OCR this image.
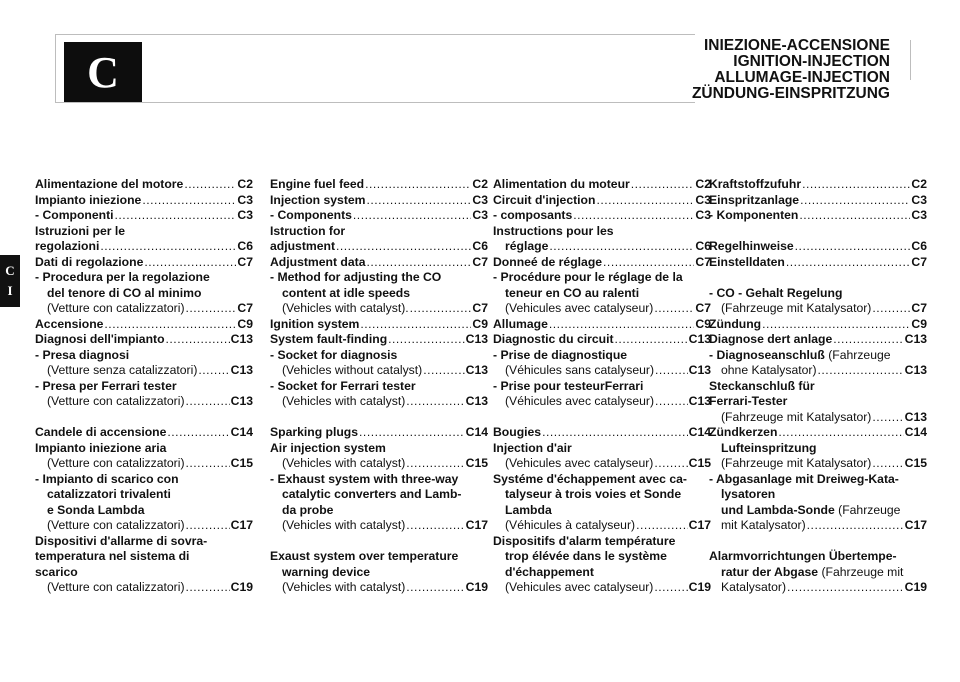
C
INIEZIONE-ACCENSIONE
IGNITION-INJECTION
ALLUMAGE-INJECTION
ZÜNDUNG-EINSPRITZUNG
C
I
Alimentazione del motore .....	C2
Impianto iniezione .....	C3
- Componenti .....	C3
Istruzioni per le
regolazioni .....	C6
Dati di regolazione .....	C7
- Procedura per la regolazione
del tenore di CO al minimo
(Vetture con catalizzatori) .....	C7
Accensione .....	C9
Diagnosi dell'impianto .....	C13
- Presa diagnosi
(Vetture senza catalizzatori) .....	C13
- Presa per Ferrari tester
(Vetture con catalizzatori) .....	C13
Candele di accensione .....	C14
Impianto iniezione aria
(Vetture con catalizzatori) .....	C15
- Impianto di scarico con
catalizzatori trivalenti
e Sonda Lambda
(Vetture con catalizzatori) .....	C17
Dispositivi d'allarme di sovra-
temperatura nel sistema di
scarico
(Vetture con catalizzatori) .....	C19
Engine fuel feed .....	C2
Injection system .....	C3
- Components .....	C3
Istruction for
adjustment .....	C6
Adjustment data .....	C7
- Method for adjusting the CO
content at idle speeds
(Vehicles with catalyst). .....	C7
Ignition system .....	C9
System fault-finding .....	C13
- Socket for diagnosis
(Vehicles without catalyst) .....	C13
- Socket for Ferrari tester
(Vehicles with catalyst) .....	C13
Sparking plugs .....	C14
Air injection system
(Vehicles with catalyst) .....	C15
- Exhaust system with three-way
catalytic converters and Lamb-
da probe
(Vehicles with catalyst) .....	C17
Exaust system over temperature
warning device
(Vehicles with catalyst) .....	C19
Alimentation du moteur .....	C2
Circuit d'injection .....	C3
- composants .....	C3
Instructions pour les
réglage .....	C6
Donneé de réglage .....	C7
- Procédure pour le réglage de la
teneur en CO au ralenti
(Vehicules avec catalyseur) .....	C7
Allumage .....	C9
Diagnostic du circuit .....	C13
- Prise de diagnostique
(Véhicules sans catalyseur) .....	C13
- Prise pour testeurFerrari
(Véhicules avec catalyseur) .....	C13
Bougies .....	C14
Injection d'air
(Vehicules avec catalyseur) .....	C15
Systéme d'échappement avec ca-
talyseur à trois voies et Sonde
Lambda
(Véhicules à catalyseur) .....	C17
Dispositifs d'alarm température
trop élévée dans le système
d'échappement
(Vehicules avec catalyseur) .....	C19
Kraftstoffzufuhr .....	C2
Einspritzanlage .....	C3
- Komponenten .....	C3
Regelhinweise .....	C6
Einstelldaten .....	C7
- CO - Gehalt Regelung
(Fahrzeuge mit Katalysator) .....	C7
Zündung .....	C9
Diagnose dert anlage .....	C13
- Diagnoseanschluß (Fahrzeuge
ohne Katalysator) .....	C13
Steckanschluß für
Ferrari-Tester
(Fahrzeuge mit Katalysator) .....	C13
Zündkerzen .....	C14
Lufteinspritzung
(Fahrzeuge mit Katalysator) .....	C15
- Abgasanlage mit Dreiweg-Kata-
lysatoren
und Lambda-Sonde (Fahrzeuge
mit Katalysator) .....	C17
Alarmvorrichtungen Übertempe-
ratur der Abgase (Fahrzeuge mit
Katalysator) .....	C19
